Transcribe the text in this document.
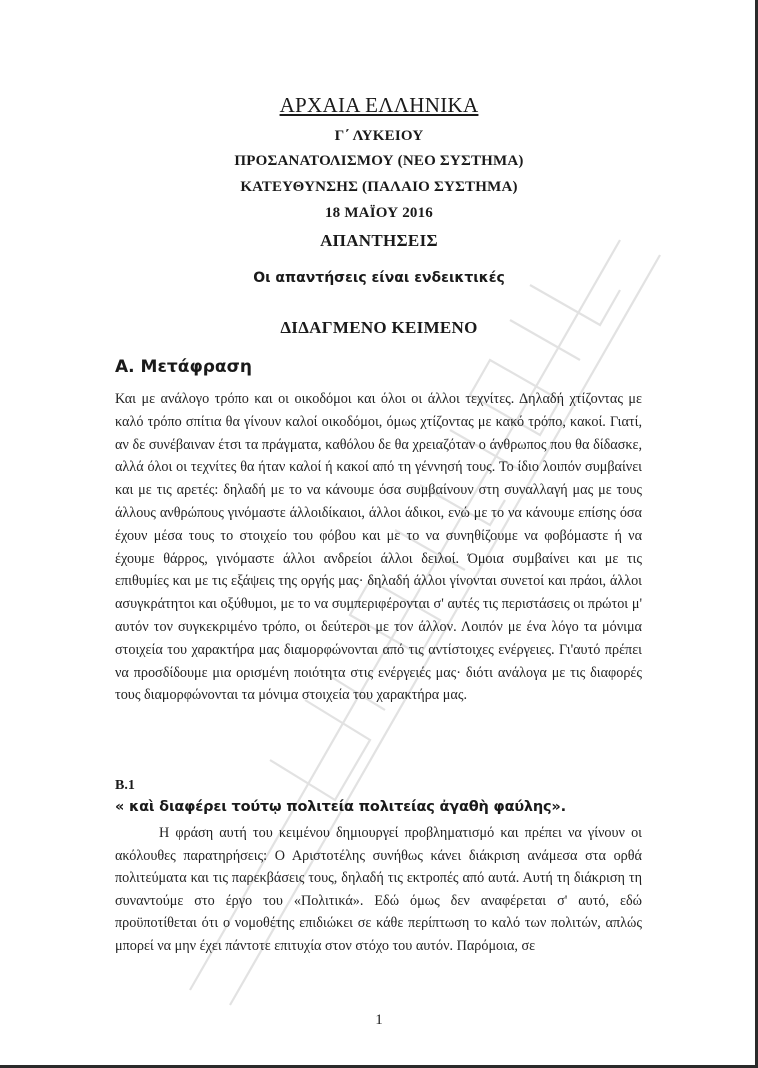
ΑΡΧΑΙΑ ΕΛΛΗΝΙΚΑ
Γ΄ ΛΥΚΕΙΟΥ
ΠΡΟΣΑΝΑΤΟΛΙΣΜΟΥ (ΝΕΟ ΣΥΣΤΗΜΑ)
ΚΑΤΕΥΘΥΝΣΗΣ (ΠΑΛΑΙΟ ΣΥΣΤΗΜΑ)
18 ΜΑΪΟΥ 2016
ΑΠΑΝΤΗΣΕΙΣ
Οι απαντήσεις είναι ενδεικτικές
ΔΙΔΑΓΜΕΝΟ ΚΕΙΜΕΝΟ
Α. Μετάφραση
Και με ανάλογο τρόπο και οι οικοδόμοι και όλοι οι άλλοι τεχνίτες. Δηλαδή χτίζοντας με καλό τρόπο σπίτια θα γίνουν καλοί οικοδόμοι, όμως χτίζοντας με κακό τρόπο, κακοί. Γιατί, αν δε συνέβαιναν έτσι τα πράγματα, καθόλου δε θα χρειαζόταν ο άνθρωπος που θα δίδασκε, αλλά όλοι οι τεχνίτες θα ήταν καλοί ή κακοί από τη γέννησή τους. Το ίδιο λοιπόν συμβαίνει και με τις αρετές: δηλαδή με το να κάνουμε όσα συμβαίνουν στη συναλλαγή μας με τους άλλους ανθρώπους γινόμαστε άλλοιδίκαιοι, άλλοι άδικοι, ενώ με το να κάνουμε επίσης όσα έχουν μέσα τους το στοιχείο του φόβου και με το να συνηθίζουμε να φοβόμαστε ή να έχουμε θάρρος, γινόμαστε άλλοι ανδρείοι άλλοι δειλοί. Όμοια συμβαίνει και με τις επιθυμίες και με τις εξάψεις της οργής μας· δηλαδή άλλοι γίνονται συνετοί και πράοι, άλλοι ασυγκράτητοι και οξύθυμοι, με το να συμπεριφέρονται σ' αυτές τις περιστάσεις οι πρώτοι μ' αυτόν τον συγκεκριμένο τρόπο, οι δεύτεροι με τον άλλον. Λοιπόν με ένα λόγο τα μόνιμα στοιχεία του χαρακτήρα μας διαμορφώνονται από τις αντίστοιχες ενέργειες. Γι'αυτό πρέπει να προσδίδουμε μια ορισμένη ποιότητα στις ενέργειές μας· διότι ανάλογα με τις διαφορές τους διαμορφώνονται τα μόνιμα στοιχεία του χαρακτήρα μας.
Β.1
« καὶ διαφέρει τούτῳ πολιτεία πολιτείας ἀγαθὴ φαύλης».
Η φράση αυτή του κειμένου δημιουργεί προβληματισμό και πρέπει να γίνουν οι ακόλουθες παρατηρήσεις: Ο Αριστοτέλης συνήθως κάνει διάκριση ανάμεσα στα ορθά πολιτεύματα και τις παρεκβάσεις τους, δηλαδή τις εκτροπές από αυτά. Αυτή τη διάκριση τη συναντούμε στο έργο του «Πολιτικά». Εδώ όμως δεν αναφέρεται σ' αυτό, εδώ προϋποτίθεται ότι ο νομοθέτης επιδιώκει σε κάθε περίπτωση το καλό των πολιτών, απλώς μπορεί να μην έχει πάντοτε επιτυχία στον στόχο του αυτόν. Παρόμοια, σε
1
